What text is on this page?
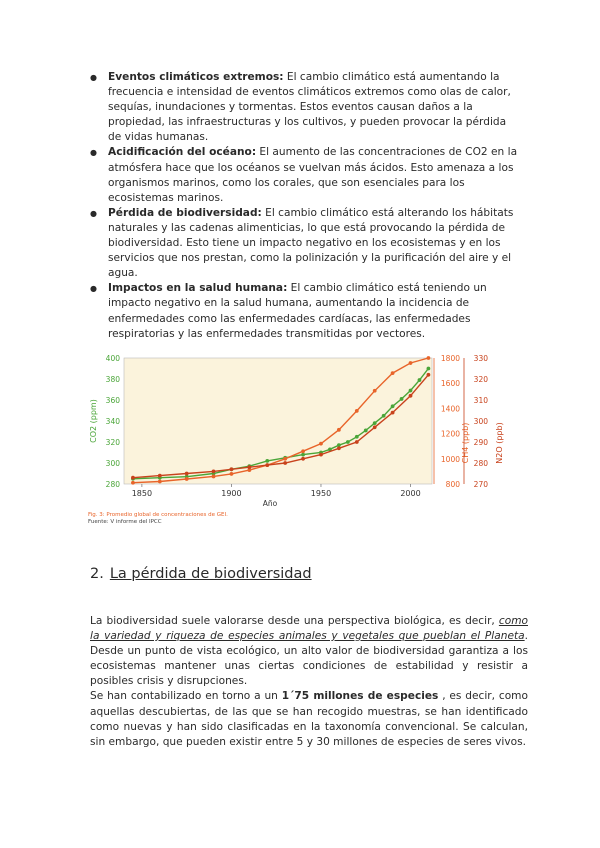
● Eventos climáticos extremos: El cambio climático está aumentando la frecuencia e intensidad de eventos climáticos extremos como olas de calor, sequías, inundaciones y tormentas. Estos eventos causan daños a la propiedad, las infraestructuras y los cultivos, y pueden provocar la pérdida de vidas humanas.
● Acidificación del océano: El aumento de las concentraciones de CO2 en la atmósfera hace que los océanos se vuelvan más ácidos. Esto amenaza a los organismos marinos, como los corales, que son esenciales para los ecosistemas marinos.
● Pérdida de biodiversidad: El cambio climático está alterando los hábitats naturales y las cadenas alimenticias, lo que está provocando la pérdida de biodiversidad. Esto tiene un impacto negativo en los ecosistemas y en los servicios que nos prestan, como la polinización y la purificación del aire y el agua.
● Impactos en la salud humana: El cambio climático está teniendo un impacto negativo en la salud humana, aumentando la incidencia de enfermedades como las enfermedades cardíacas, las enfermedades respiratorias y las enfermedades transmitidas por vectores.
1850	1900	1950	2000
Año
280
300
320
340
360
380
400
CO2 (ppm)
800
1000
1200
1400
1600
1800
CH4 (ppb)
270
280
290
300
310
320
330
N2O (ppb)
Fig. 3: Promedio global de concentraciones de GEI.
Fuente: V informe del IPCC
2. La pérdida de biodiversidad

La biodiversidad suele valorarse desde una perspectiva biológica, es decir, como la variedad y riqueza de especies animales y vegetales que pueblan el Planeta. Desde un punto de vista ecológico, un alto valor de biodiversidad garantiza a los ecosistemas mantener unas ciertas condiciones de estabilidad y resistir a posibles crisis y disrupciones.

Se han contabilizado en torno a un 1´75 millones de especies , es decir, como aquellas descubiertas, de las que se han recogido muestras, se han identificado como nuevas y han sido clasificadas en la taxonomía convencional. Se calculan, sin embargo, que pueden existir entre 5 y 30 millones de especies de seres vivos.
